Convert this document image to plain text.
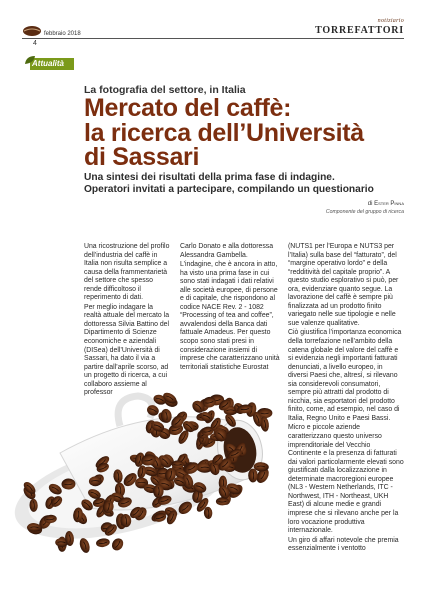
febbraio 2018
4
notiziario
TORREFATTORI
Attualità
La fotografia del settore, in Italia
Mercato del caffè:
la ricerca dell’Università
di Sassari
Una sintesi dei risultati della prima fase di indagine.
Operatori invitati a partecipare, compilando un questionario
di Ester Pinna
Componente del gruppo di ricerca

Una ricostruzione del profilo dell’industria del caffè in Italia non risulta semplice a causa della frammentarietà del settore che spesso rende difficoltoso il reperimento di dati.

Per meglio indagare la realtà attuale del mercato la dottoressa Silvia Battino del Dipartimento di Scienze economiche e aziendali (DISea) dell’Università di Sassari, ha dato il via a partire dall’aprile scorso, ad un progetto di ricerca, a cui collaboro assieme al professor

Carlo Donato e alla dottoressa Alessandra Gambella.

L’indagine, che è ancora in atto, ha visto una prima fase in cui sono stati indagati i dati relativi alle società europee, di persone e di capitale, che rispondono al codice NACE Rev. 2 - 1082 “Processing of tea and coffee”, avvalendosi della Banca dati fattuale Amadeus. Per questo scopo sono stati presi in considerazione insiemi di imprese che caratterizzano unità territoriali statistiche Eurostat

(NUTS1 per l’Europa e NUTS3 per l’Italia) sulla base del “fatturato”, del “margine operativo lordo” e della “redditività del capitale proprio”. A questo studio esplorativo si può, per ora, evidenziare quanto segue. La lavorazione del caffè è sempre più finalizzata ad un prodotto finito variegato nelle sue tipologie e nelle sue valenze qualitative.

Ciò giustifica l’importanza economica della torrefazione nell’ambito della catena globale del valore del caffè e si evidenzia negli importanti fatturati denunciati, a livello europeo, in diversi Paesi che, altresì, si rilevano sia considerevoli consumatori, sempre più attratti dal prodotto di nicchia, sia esportatori del prodotto finito, come, ad esempio, nel caso di Italia, Regno Unito e Paesi Bassi.

Micro e piccole aziende caratterizzano questo universo imprenditoriale del Vecchio Continente e la presenza di fatturati dai valori particolarmente elevati sono giustificati dalla localizzazione in determinate macroregioni europee (NL3 - Western Netherlands, ITC - Northwest, ITH - Northeast, UKH East) di alcune medie e grandi imprese che si rilevano anche per la loro vocazione produttiva internazionale.

Un giro di affari notevole che premia essenzialmente i ventotto
